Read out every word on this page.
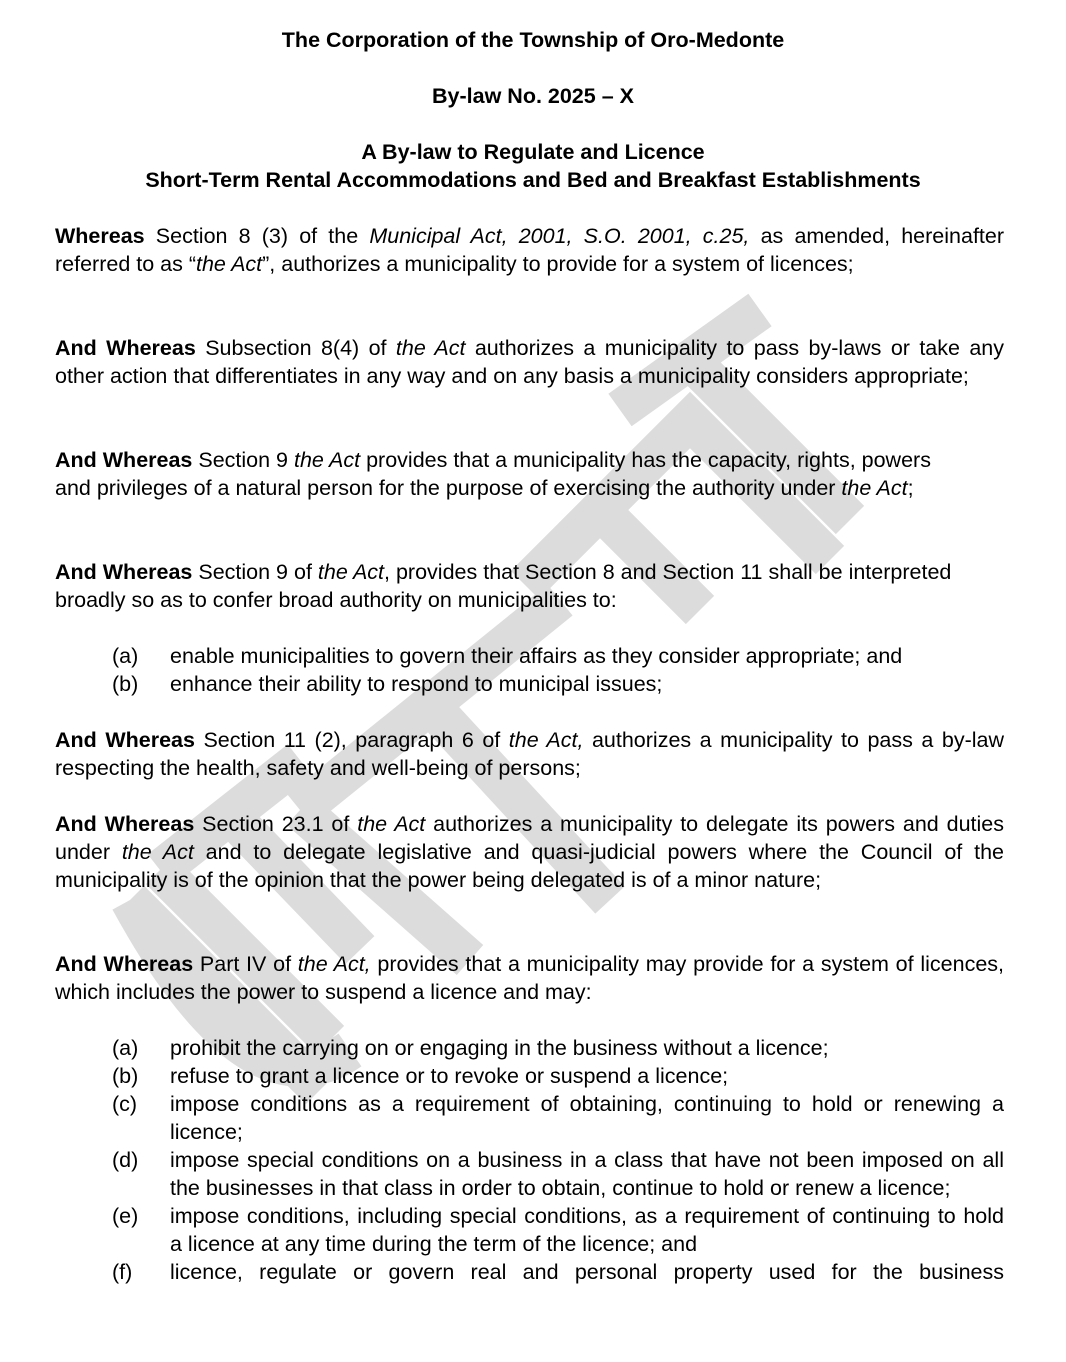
The Corporation of the Township of Oro-Medonte

By-law No. 2025 – X

A By-law to Regulate and Licence
Short-Term Rental Accommodations and Bed and Breakfast Establishments

Whereas Section 8 (3) of the Municipal Act, 2001, S.O. 2001, c.25, as amended, hereinafter referred to as “the Act”, authorizes a municipality to provide for a system of licences;

And Whereas Subsection 8(4) of the Act authorizes a municipality to pass by-laws or take any other action that differentiates in any way and on any basis a municipality considers appropriate;

And Whereas Section 9 the Act provides that a municipality has the capacity, rights, powers and privileges of a natural person for the purpose of exercising the authority under the Act;

And Whereas Section 9 of the Act, provides that Section 8 and Section 11 shall be interpreted broadly so as to confer broad authority on municipalities to:

(a)	enable municipalities to govern their affairs as they consider appropriate; and
(b)	enhance their ability to respond to municipal issues;

And Whereas Section 11 (2), paragraph 6 of the Act, authorizes a municipality to pass a by-law respecting the health, safety and well-being of persons;

And Whereas Section 23.1 of the Act authorizes a municipality to delegate its powers and duties under the Act and to delegate legislative and quasi-judicial powers where the Council of the municipality is of the opinion that the power being delegated is of a minor nature;

And Whereas Part IV of the Act, provides that a municipality may provide for a system of licences, which includes the power to suspend a licence and may:

(a)	prohibit the carrying on or engaging in the business without a licence;
(b)	refuse to grant a licence or to revoke or suspend a licence;
(c)	impose conditions as a requirement of obtaining, continuing to hold or renewing a licence;
(d)	impose special conditions on a business in a class that have not been imposed on all the businesses in that class in order to obtain, continue to hold or renew a licence;
(e)	impose conditions, including special conditions, as a requirement of continuing to hold a licence at any time during the term of the licence; and
(f)	licence, regulate or govern real and personal property used for the business
